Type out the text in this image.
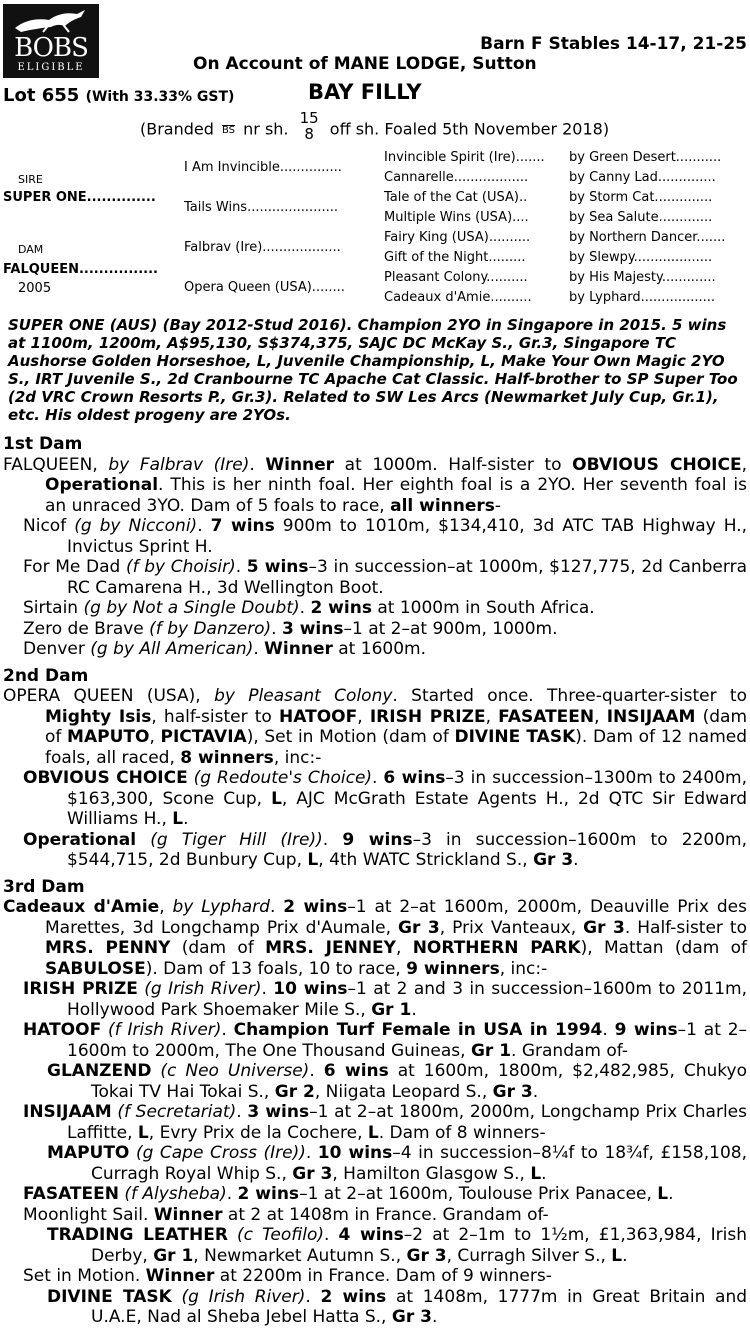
BOBS
ELIGIBLE
Barn F Stables 14-17, 21-25
On Account of MANE LODGE, Sutton
Lot 655 (With 33.33% GST)	BAY FILLY
(Branded BS nr sh. 15
8 off sh. Foaled 5th November 2018)
SIRE
SUPER ONE..............
DAM
FALQUEEN................
2005
I Am Invincible...............
Tails Wins......................
Falbrav (Ire)...................
Opera Queen (USA)........
Invincible Spirit (Ire).......
Cannarelle..................
Tale of the Cat (USA)..
Multiple Wins (USA)....
Fairy King (USA)..........
Gift of the Night.........
Pleasant Colony..........
Cadeaux d'Amie..........
by Green Desert...........
by Canny Lad..............
by Storm Cat..............
by Sea Salute.............
by Northern Dancer.......
by Slewpy...................
by His Majesty.............
by Lyphard..................
SUPER ONE (AUS) (Bay 2012-Stud 2016). Champion 2YO in Singapore in 2015. 5 wins at 1100m, 1200m, A$95,130, S$374,375, SAJC DC McKay S., Gr.3, Singapore TC Aushorse Golden Horseshoe, L, Juvenile Championship, L, Make Your Own Magic 2YO S., IRT Juvenile S., 2d Cranbourne TC Apache Cat Classic. Half-brother to SP Super Too (2d VRC Crown Resorts P., Gr.3). Related to SW Les Arcs (Newmarket July Cup, Gr.1), etc. His oldest progeny are 2YOs.
1st Dam

FALQUEEN, by Falbrav (Ire). Winner at 1000m. Half-sister to OBVIOUS CHOICE, Operational. This is her ninth foal. Her eighth foal is a 2YO. Her seventh foal is an unraced 3YO. Dam of 5 foals to race, all winners-

Nicof (g by Nicconi). 7 wins 900m to 1010m, $134,410, 3d ATC TAB Highway H., Invictus Sprint H.

For Me Dad (f by Choisir). 5 wins–3 in succession–at 1000m, $127,775, 2d Canberra RC Camarena H., 3d Wellington Boot.

Sirtain (g by Not a Single Doubt). 2 wins at 1000m in South Africa.

Zero de Brave (f by Danzero). 3 wins–1 at 2–at 900m, 1000m.

Denver (g by All American). Winner at 1600m.

2nd Dam

OPERA QUEEN (USA), by Pleasant Colony. Started once. Three-quarter-sister to Mighty Isis, half-sister to HATOOF, IRISH PRIZE, FASATEEN, INSIJAAM (dam of MAPUTO, PICTAVIA), Set in Motion (dam of DIVINE TASK). Dam of 12 named foals, all raced, 8 winners, inc:-

OBVIOUS CHOICE (g Redoute's Choice). 6 wins–3 in succession–1300m to 2400m, $163,300, Scone Cup, L, AJC McGrath Estate Agents H., 2d QTC Sir Edward Williams H., L.

Operational (g Tiger Hill (Ire)). 9 wins–3 in succession–1600m to 2200m, $544,715, 2d Bunbury Cup, L, 4th WATC Strickland S., Gr 3.

3rd Dam

Cadeaux d'Amie, by Lyphard. 2 wins–1 at 2–at 1600m, 2000m, Deauville Prix des Marettes, 3d Longchamp Prix d'Aumale, Gr 3, Prix Vanteaux, Gr 3. Half-sister to MRS. PENNY (dam of MRS. JENNEY, NORTHERN PARK), Mattan (dam of SABULOSE). Dam of 13 foals, 10 to race, 9 winners, inc:-

IRISH PRIZE (g Irish River). 10 wins–1 at 2 and 3 in succession–1600m to 2011m, Hollywood Park Shoemaker Mile S., Gr 1.

HATOOF (f Irish River). Champion Turf Female in USA in 1994. 9 wins–1 at 2–1600m to 2000m, The One Thousand Guineas, Gr 1. Grandam of-

GLANZEND (c Neo Universe). 6 wins at 1600m, 1800m, $2,482,985, Chukyo Tokai TV Hai Tokai S., Gr 2, Niigata Leopard S., Gr 3.

INSIJAAM (f Secretariat). 3 wins–1 at 2–at 1800m, 2000m, Longchamp Prix Charles Laffitte, L, Evry Prix de la Cochere, L. Dam of 8 winners-

MAPUTO (g Cape Cross (Ire)). 10 wins–4 in succession–8¼f to 18¾f, £158,108, Curragh Royal Whip S., Gr 3, Hamilton Glasgow S., L.

FASATEEN (f Alysheba). 2 wins–1 at 2–at 1600m, Toulouse Prix Panacee, L.

Moonlight Sail. Winner at 2 at 1408m in France. Grandam of-

TRADING LEATHER (c Teofilo). 4 wins–2 at 2–1m to 1½m, £1,363,984, Irish Derby, Gr 1, Newmarket Autumn S., Gr 3, Curragh Silver S., L.

Set in Motion. Winner at 2200m in France. Dam of 9 winners-

DIVINE TASK (g Irish River). 2 wins at 1408m, 1777m in Great Britain and U.A.E, Nad al Sheba Jebel Hatta S., Gr 3.
